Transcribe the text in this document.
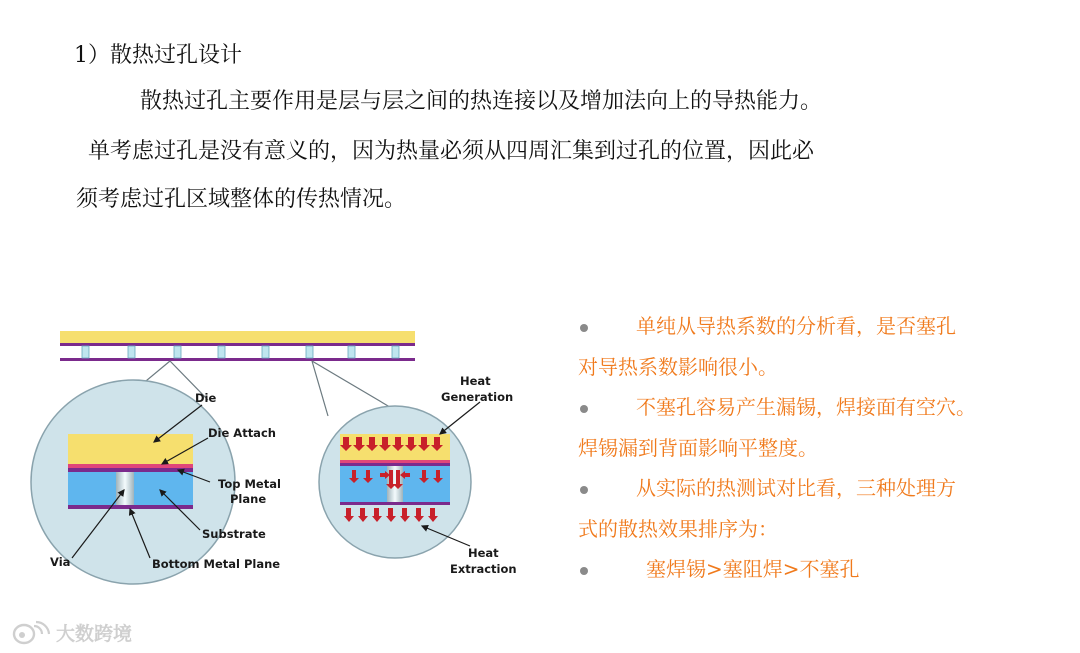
1）散热过孔设计
散热过孔主要作用是层与层之间的热连接以及增加法向上的导热能力。
单考虑过孔是没有意义的，因为热量必须从四周汇集到过孔的位置，因此必
须考虑过孔区域整体的传热情况。
Die
Die Attach
Top Metal
Plane
Substrate
Via	Bottom Metal Plane
Heat
Generation
Heat
Extraction
单纯从导热系数的分析看，是否塞孔
对导热系数影响很小。
不塞孔容易产生漏锡，焊接面有空穴。
焊锡漏到背面影响平整度。
从实际的热测试对比看，三种处理方
式的散热效果排序为：
塞焊锡>塞阻焊>不塞孔
大数跨境
